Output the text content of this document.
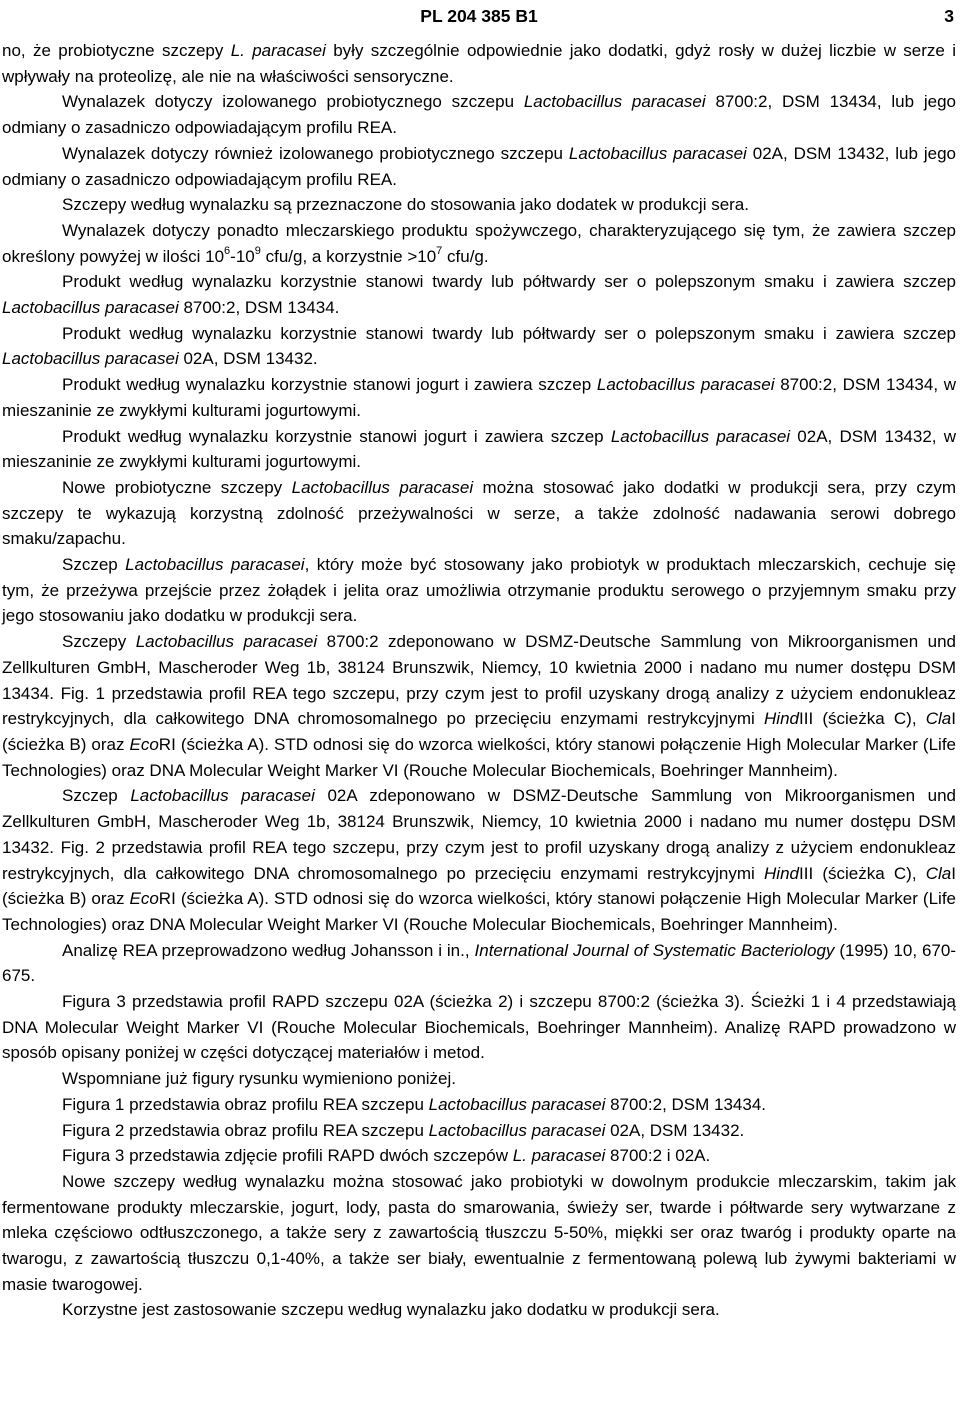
PL 204 385 B1	3

no, że probiotyczne szczepy L. paracasei były szczególnie odpowiednie jako dodatki, gdyż rosły w dużej liczbie w serze i wpływały na proteolizę, ale nie na właściwości sensoryczne.

Wynalazek dotyczy izolowanego probiotycznego szczepu Lactobacillus paracasei 8700:2, DSM 13434, lub jego odmiany o zasadniczo odpowiadającym profilu REA.

Wynalazek dotyczy również izolowanego probiotycznego szczepu Lactobacillus paracasei 02A, DSM 13432, lub jego odmiany o zasadniczo odpowiadającym profilu REA.

Szczepy według wynalazku są przeznaczone do stosowania jako dodatek w produkcji sera.

Wynalazek dotyczy ponadto mleczarskiego produktu spożywczego, charakteryzującego się tym, że zawiera szczep określony powyżej w ilości $10^6-10^9$ cfu/g, a korzystnie $>10^7$ cfu/g.

Produkt według wynalazku korzystnie stanowi twardy lub półtwardy ser o polepszonym smaku i zawiera szczep Lactobacillus paracasei 8700:2, DSM 13434.

Produkt według wynalazku korzystnie stanowi twardy lub półtwardy ser o polepszonym smaku i zawiera szczep Lactobacillus paracasei 02A, DSM 13432.

Produkt według wynalazku korzystnie stanowi jogurt i zawiera szczep Lactobacillus paracasei 8700:2, DSM 13434, w mieszaninie ze zwykłymi kulturami jogurtowymi.

Produkt według wynalazku korzystnie stanowi jogurt i zawiera szczep Lactobacillus paracasei 02A, DSM 13432, w mieszaninie ze zwykłymi kulturami jogurtowymi.

Nowe probiotyczne szczepy Lactobacillus paracasei można stosować jako dodatki w produkcji sera, przy czym szczepy te wykazują korzystną zdolność przeżywalności w serze, a także zdolność nadawania serowi dobrego smaku/zapachu.

Szczep Lactobacillus paracasei, który może być stosowany jako probiotyk w produktach mleczarskich, cechuje się tym, że przeżywa przejście przez żołądek i jelita oraz umożliwia otrzymanie produktu serowego o przyjemnym smaku przy jego stosowaniu jako dodatku w produkcji sera.

Szczepy Lactobacillus paracasei 8700:2 zdeponowano w DSMZ-Deutsche Sammlung von Mikroorganismen und Zellkulturen GmbH, Mascheroder Weg 1b, 38124 Brunszwik, Niemcy, 10 kwietnia 2000 i nadano mu numer dostępu DSM 13434. Fig. 1 przedstawia profil REA tego szczepu, przy czym jest to profil uzyskany drogą analizy z użyciem endonukleaz restrykcyjnych, dla całkowitego DNA chromosomalnego po przecięciu enzymami restrykcyjnymi HindIII (ścieżka C), ClaI (ścieżka B) oraz EcoRI (ścieżka A). STD odnosi się do wzorca wielkości, który stanowi połączenie High Molecular Marker (Life Technologies) oraz DNA Molecular Weight Marker VI (Rouche Molecular Biochemicals, Boehringer Mannheim).

Szczep Lactobacillus paracasei 02A zdeponowano w DSMZ-Deutsche Sammlung von Mikroorganismen und Zellkulturen GmbH, Mascheroder Weg 1b, 38124 Brunszwik, Niemcy, 10 kwietnia 2000 i nadano mu numer dostępu DSM 13432. Fig. 2 przedstawia profil REA tego szczepu, przy czym jest to profil uzyskany drogą analizy z użyciem endonukleaz restrykcyjnych, dla całkowitego DNA chromosomalnego po przecięciu enzymami restrykcyjnymi HindIII (ścieżka C), ClaI (ścieżka B) oraz EcoRI (ścieżka A). STD odnosi się do wzorca wielkości, który stanowi połączenie High Molecular Marker (Life Technologies) oraz DNA Molecular Weight Marker VI (Rouche Molecular Biochemicals, Boehringer Mannheim).

Analizę REA przeprowadzono według Johansson i in., International Journal of Systematic Bacteriology (1995) 10, 670-675.

Figura 3 przedstawia profil RAPD szczepu 02A (ścieżka 2) i szczepu 8700:2 (ścieżka 3). Ścieżki 1 i 4 przedstawiają DNA Molecular Weight Marker VI (Rouche Molecular Biochemicals, Boehringer Mannheim). Analizę RAPD prowadzono w sposób opisany poniżej w części dotyczącej materiałów i metod.

Wspomniane już figury rysunku wymieniono poniżej.

Figura 1 przedstawia obraz profilu REA szczepu Lactobacillus paracasei 8700:2, DSM 13434.

Figura 2 przedstawia obraz profilu REA szczepu Lactobacillus paracasei 02A, DSM 13432.

Figura 3 przedstawia zdjęcie profili RAPD dwóch szczepów L. paracasei 8700:2 i 02A.

Nowe szczepy według wynalazku można stosować jako probiotyki w dowolnym produkcie mleczarskim, takim jak fermentowane produkty mleczarskie, jogurt, lody, pasta do smarowania, świeży ser, twarde i półtwarde sery wytwarzane z mleka częściowo odtłuszczonego, a także sery z zawartością tłuszczu 5-50%, miękki ser oraz twaróg i produkty oparte na twarogu, z zawartością tłuszczu 0,1-40%, a także ser biały, ewentualnie z fermentowaną polewą lub żywymi bakteriami w masie twarogowej.

Korzystne jest zastosowanie szczepu według wynalazku jako dodatku w produkcji sera.
